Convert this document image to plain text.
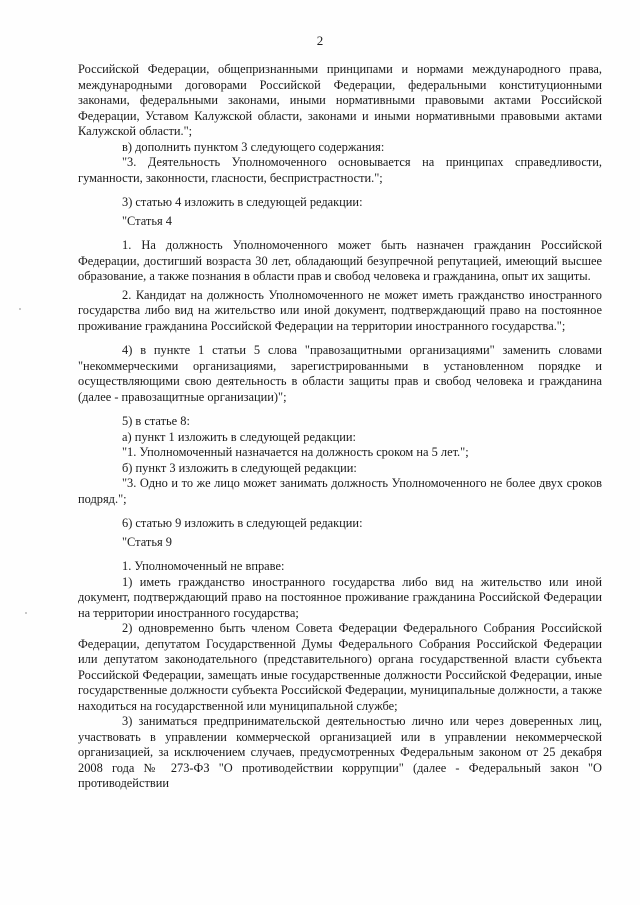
2

Российской Федерации, общепризнанными принципами и нормами международного права, международными договорами Российской Федерации, федеральными конституционными законами, федеральными законами, иными нормативными правовыми актами Российской Федерации, Уставом Калужской области, законами и иными нормативными правовыми актами Калужской области.";

в) дополнить пунктом 3 следующего содержания:

"3. Деятельность Уполномоченного основывается на принципах справедливости, гуманности, законности, гласности, беспристрастности.";

3) статью 4 изложить в следующей редакции:

"Статья 4

1. На должность Уполномоченного может быть назначен гражданин Российской Федерации, достигший возраста 30 лет, обладающий безупречной репутацией, имеющий высшее образование, а также познания в области прав и свобод человека и гражданина, опыт их защиты.

2. Кандидат на должность Уполномоченного не может иметь гражданство иностранного государства либо вид на жительство или иной документ, подтверждающий право на постоянное проживание гражданина Российской Федерации на территории иностранного государства.";

4) в пункте 1 статьи 5 слова "правозащитными организациями" заменить словами "некоммерческими организациями, зарегистрированными в установленном порядке и осуществляющими свою деятельность в области защиты прав и свобод человека и гражданина (далее - правозащитные организации)";

5) в статье 8:

а) пункт 1 изложить в следующей редакции:

"1. Уполномоченный назначается на должность сроком на 5 лет.";

б) пункт 3 изложить в следующей редакции:

"3. Одно и то же лицо может занимать должность Уполномоченного не более двух сроков подряд.";

6) статью 9 изложить в следующей редакции:

"Статья 9

1. Уполномоченный не вправе:

1) иметь гражданство иностранного государства либо вид на жительство или иной документ, подтверждающий право на постоянное проживание гражданина Российской Федерации на территории иностранного государства;

2) одновременно быть членом Совета Федерации Федерального Собрания Российской Федерации, депутатом Государственной Думы Федерального Собрания Российской Федерации или депутатом законодательного (представительного) органа государственной власти субъекта Российской Федерации, замещать иные государственные должности Российской Федерации, иные государственные должности субъекта Российской Федерации, муниципальные должности, а также находиться на государственной или муниципальной службе;

3) заниматься предпринимательской деятельностью лично или через доверенных лиц, участвовать в управлении коммерческой организацией или в управлении некоммерческой организацией, за исключением случаев, предусмотренных Федеральным законом от 25 декабря 2008 года № 273-ФЗ "О противодействии коррупции" (далее - Федеральный закон "О противодействии
